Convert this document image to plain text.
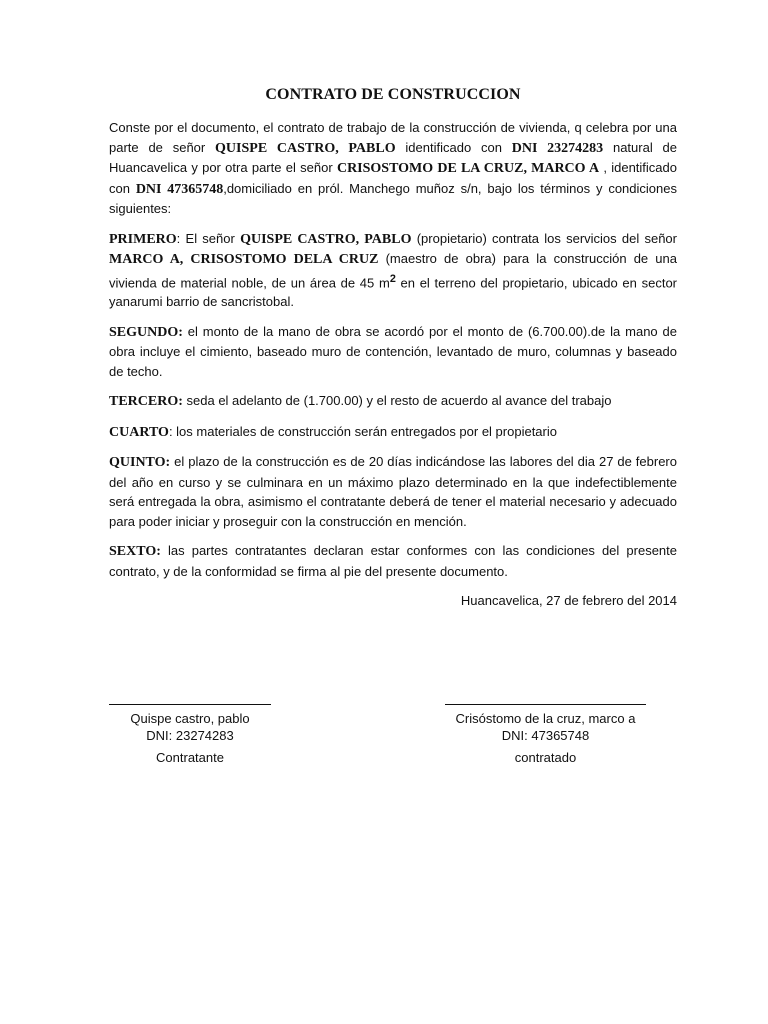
CONTRATO DE CONSTRUCCION

Conste por el documento, el contrato de trabajo de la construcción de vivienda, q celebra por una parte de señor QUISPE CASTRO, PABLO identificado con DNI 23274283 natural de Huancavelica y por otra parte el señor CRISOSTOMO DE LA CRUZ, MARCO A , identificado con DNI 47365748,domiciliado en pról. Manchego muñoz s/n, bajo los términos y condiciones siguientes:

PRIMERO: El señor QUISPE CASTRO, PABLO (propietario) contrata los servicios del señor MARCO A, CRISOSTOMO DELA CRUZ (maestro de obra) para la construcción de una vivienda de material noble, de un área de 45 $m^2$ en el terreno del propietario, ubicado en sector yanarumi barrio de sancristobal.

SEGUNDO: el monto de la mano de obra se acordó por el monto de (6.700.00).de la mano de obra incluye el cimiento, baseado muro de contención, levantado de muro, columnas y baseado de techo.

TERCERO: seda el adelanto de (1.700.00) y el resto de acuerdo al avance del trabajo

CUARTO: los materiales de construcción serán entregados por el propietario

QUINTO: el plazo de la construcción es de 20 días indicándose las labores del dia 27 de febrero del año en curso y se culminara en un máximo plazo determinado en la que indefectiblemente será entregada la obra, asimismo el contratante deberá de tener el material necesario y adecuado para poder iniciar y proseguir con la construcción en mención.

SEXTO: las partes contratantes declaran estar conformes con las condiciones del presente contrato, y de la conformidad se firma al pie del presente documento.

Huancavelica, 27 de febrero del 2014
Quispe castro, pablo
DNI: 23274283
Contratante
Crisóstomo de la cruz, marco a
DNI: 47365748
contratado
